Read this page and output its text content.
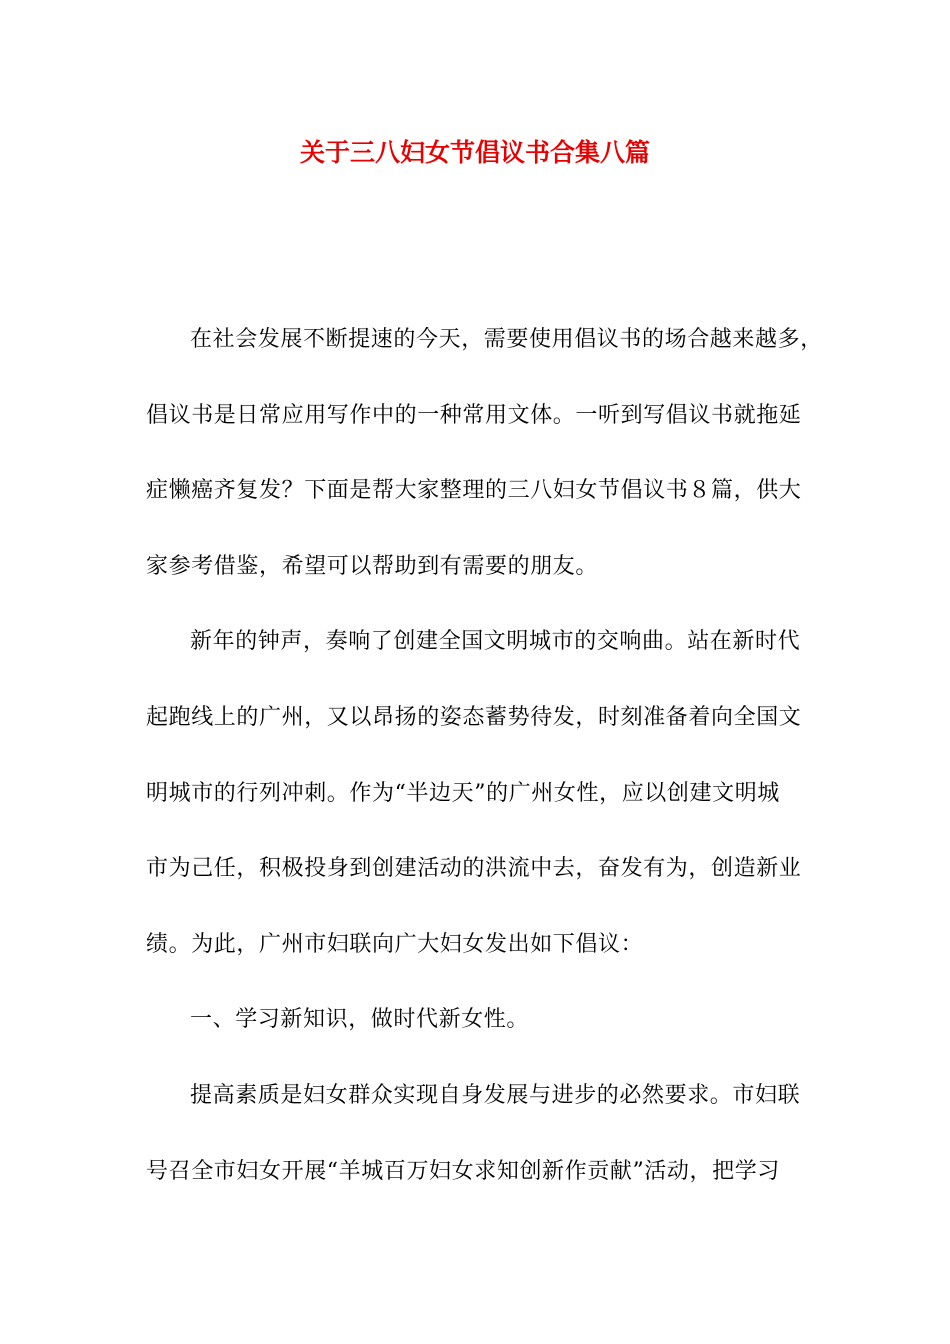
关于三八妇女节倡议书合集八篇
在社会发展不断提速的今天，需要使用倡议书的场合越来越多，
倡议书是日常应用写作中的一种常用文体。一听到写倡议书就拖延
症懒癌齐复发？下面是帮大家整理的三八妇女节倡议书８篇，供大
家参考借鉴，希望可以帮助到有需要的朋友。
新年的钟声，奏响了创建全国文明城市的交响曲。站在新时代
起跑线上的广州，又以昂扬的姿态蓄势待发，时刻准备着向全国文
明城市的行列冲刺。作为“半边天”的广州女性，应以创建文明城
市为己任，积极投身到创建活动的洪流中去，奋发有为，创造新业
绩。为此，广州市妇联向广大妇女发出如下倡议：
一、学习新知识，做时代新女性。
提高素质是妇女群众实现自身发展与进步的必然要求。市妇联
号召全市妇女开展“羊城百万妇女求知创新作贡献”活动，把学习
